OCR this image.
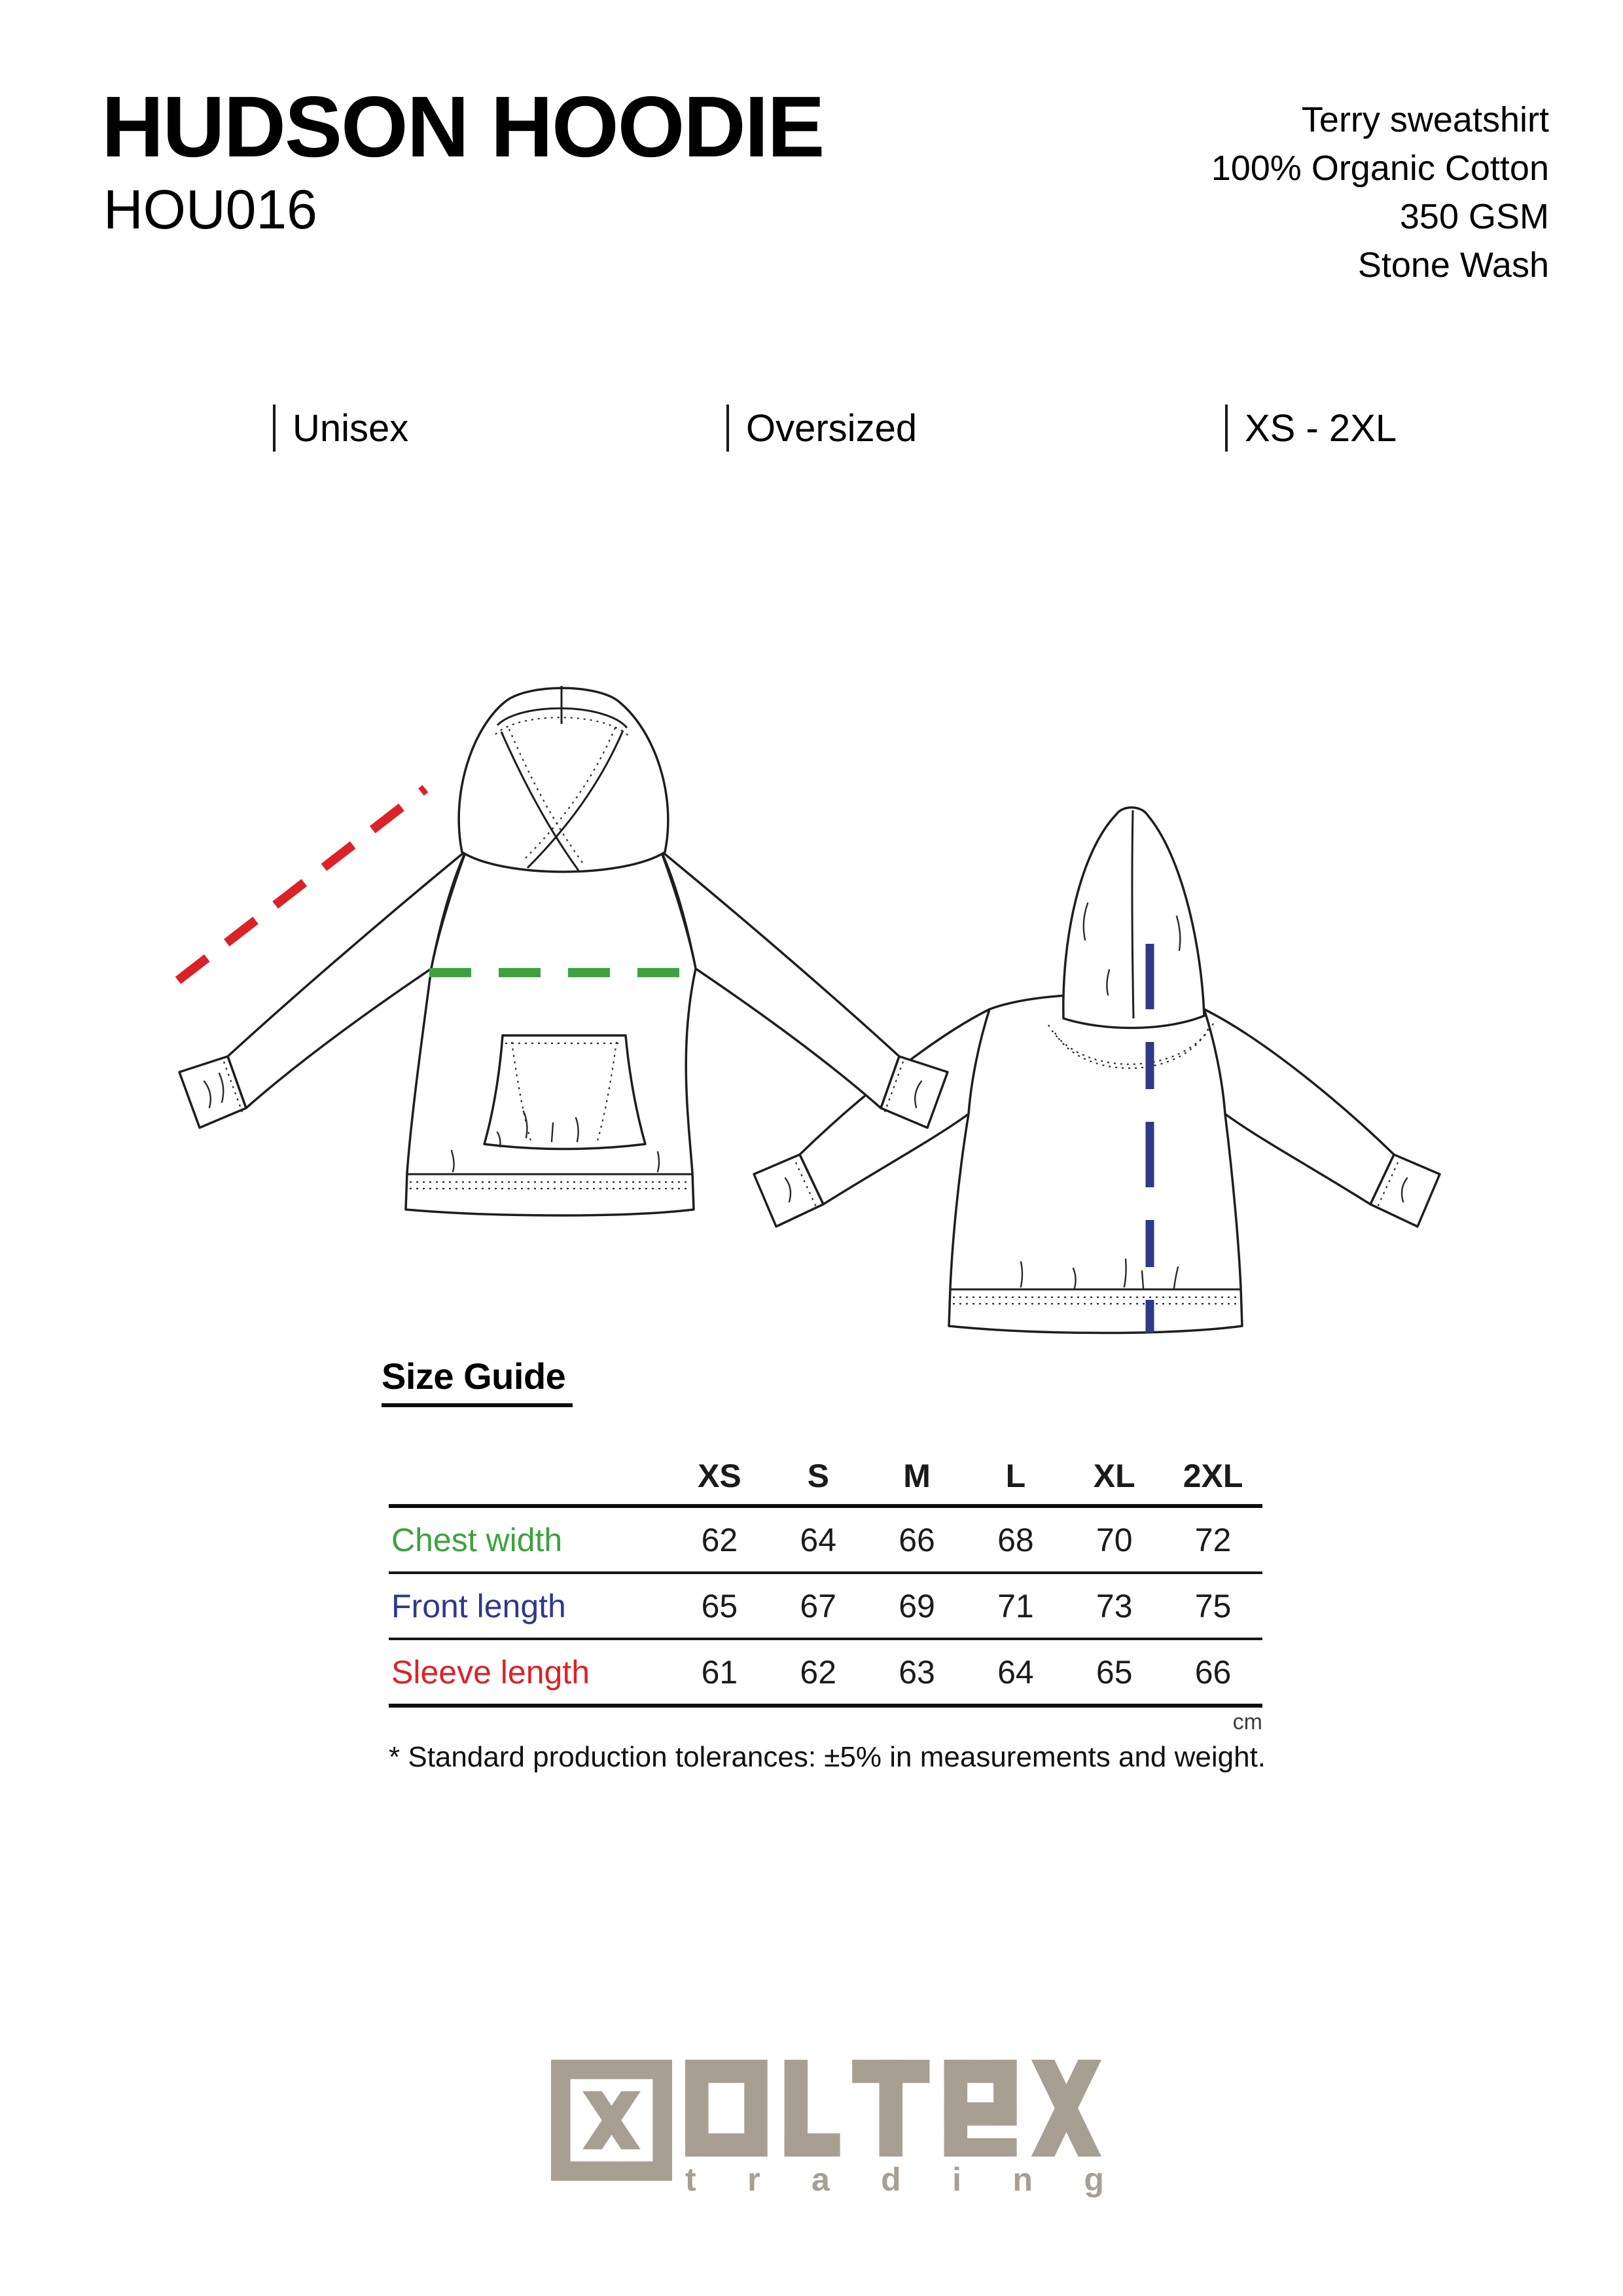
HUDSON HOODIE
HOU016
Terry sweatshirt
100% Organic Cotton
350 GSM
Stone Wash
Unisex	Oversized	XS - 2XL
Size Guide
XS	S	M	L	XL	2XL
Chest width	62	64	66	68	70	72
Front length	65	67	69	71	73	75
Sleeve length	61	62	63	64	65	66
cm
* Standard production tolerances: ±5% in measurements and weight.
t r a d i n g
